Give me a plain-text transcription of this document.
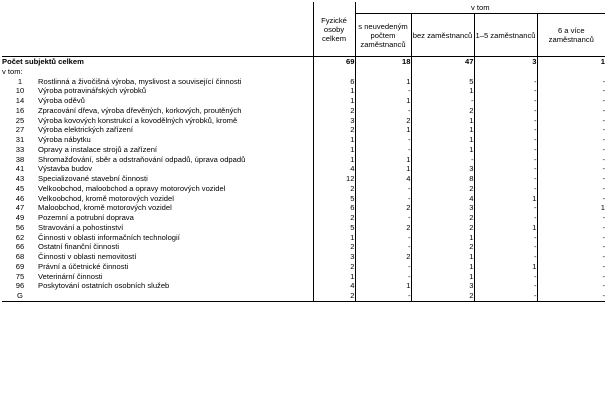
		Fyzické osoby celkem	v tom			
			s neuvedeným počtem zaměstnanců	bez zaměstnanců	1–5 zaměstnanců	6 a více zaměstnanců
Počet subjektů celkem		69	18	47	3	1
v tom:						
1	Rostlinná a živočišná výroba, myslivost a související činnosti	6	1	5	-	-
10	Výroba potravinářských výrobků	1	-	1	-	-
14	Výroba oděvů	1	1	-	-	-
16	Zpracování dřeva, výroba dřevěných, korkových, proutěných	2	-	2	-	-
25	Výroba kovových konstrukcí a kovodělných výrobků, kromě	3	2	1	-	-
27	Výroba elektrických zařízení	2	1	1	-	-
31	Výroba nábytku	1	-	1	-	-
33	Opravy a instalace strojů a zařízení	1	-	1	-	-
38	Shromažďování, sběr a odstraňování odpadů, úprava odpadů	1	1	-	-	-
41	Výstavba budov	4	1	3	-	-
43	Specializované stavební činnosti	12	4	8	-	-
45	Velkoobchod, maloobchod a opravy motorových vozidel	2	-	2	-	-
46	Velkoobchod, kromě motorových vozidel	5	-	4	1	-
47	Maloobchod, kromě motorových vozidel	6	2	3	-	1
49	Pozemní a potrubní doprava	2	-	2	-	-
56	Stravování a pohostinství	5	2	2	1	-
62	Činnosti v oblasti informačních technologií	1	-	1	-	-
66	Ostatní finanční činnosti	2	-	2	-	-
68	Činnosti v oblasti nemovitostí	3	2	1	-	-
69	Právní a účetnické činnosti	2	-	1	1	-
75	Veterinární činnosti	1	-	1	-	-
96	Poskytování ostatních osobních služeb	4	1	3	-	-
G		2	-	2	-	-
